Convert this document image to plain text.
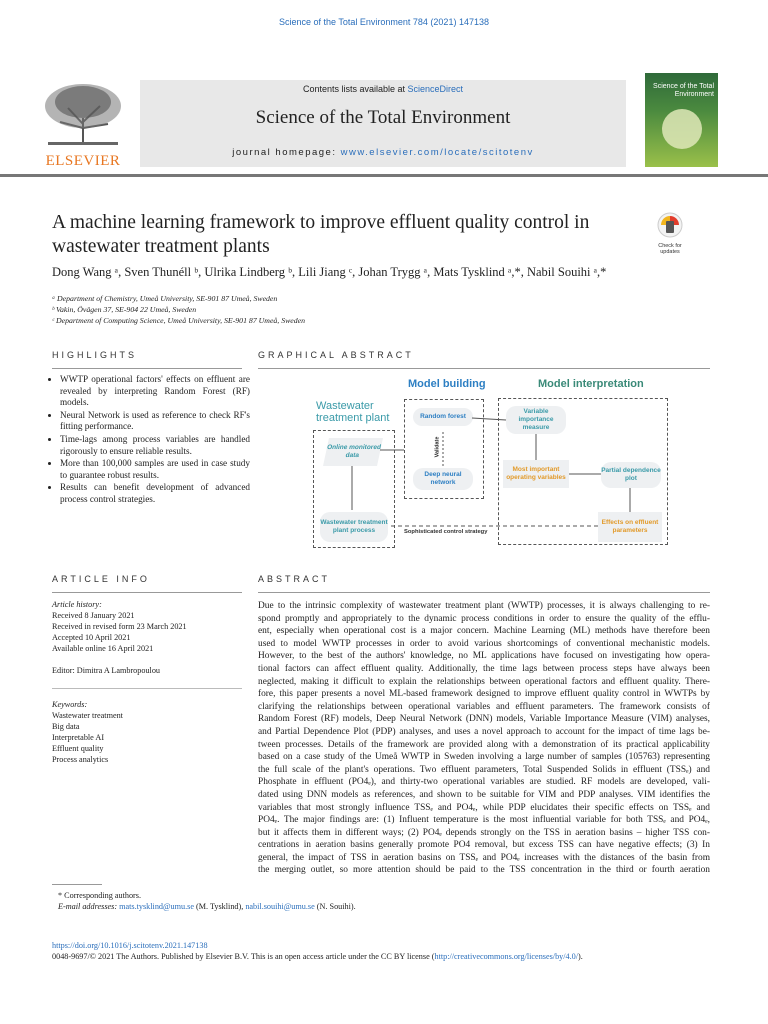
Science of the Total Environment 784 (2021) 147138
ELSEVIER
Contents lists available at ScienceDirect
Science of the Total Environment
journal homepage: www.elsevier.com/locate/scitotenv
Science of the Total Environment
A machine learning framework to improve effluent quality control in
wastewater treatment plants	Check for updates
Dong Wang ᵃ, Sven Thunéll ᵇ, Ulrika Lindberg ᵇ, Lili Jiang ᶜ, Johan Trygg ᵃ, Mats Tysklind ᵃ,*, Nabil Souihi ᵃ,*
ᵃ Department of Chemistry, Umeå University, SE-901 87 Umeå, Sweden
ᵇ Vakin, Övägen 37, SE-904 22 Umeå, Sweden
ᶜ Department of Computing Science, Umeå University, SE-901 87 Umeå, Sweden
HIGHLIGHTS
• WWTP operational factors' effects on effluent are revealed by interpreting Random Forest (RF) models.
• Neural Network is used as reference to check RF's fitting performance.
• Time-lags among process variables are handled rigorously to ensure reliable results.
• More than 100,000 samples are used in case study to guarantee robust results.
• Results can benefit development of advanced process control strategies.
GRAPHICAL ABSTRACT
Model building	Model interpretation
Wastewater treatment plant
Online monitored data
Wastewater treatment plant process
Random forest
Deep neural network
Validate
Variable importance measure
Most important operating variables
Partial dependence plot
Effects on effluent parameters
Sophisticated control strategy
ARTICLE INFO
Article history:
Received 8 January 2021
Received in revised form 23 March 2021
Accepted 10 April 2021
Available online 16 April 2021
Editor: Dimitra A Lambropoulou
Keywords:
Wastewater treatment
Big data
Interpretable AI
Effluent quality
Process analytics
ABSTRACT
Due to the intrinsic complexity of wastewater treatment plant (WWTP) processes, it is always challenging to re-
spond promptly and appropriately to the dynamic process conditions in order to ensure the quality of the efflu-
ent, especially when operational cost is a major concern. Machine Learning (ML) methods have therefore been
used to model WWTP processes in order to avoid various shortcomings of conventional mechanistic models.
However, to the best of the authors' knowledge, no ML applications have focused on investigating how opera-
tional factors can affect effluent quality. Additionally, the time lags between process steps have always been
neglected, making it difficult to explain the relationships between operational factors and effluent quality. There-
fore, this paper presents a novel ML-based framework designed to improve effluent quality control in WWTPs by
clarifying the relationships between operational variables and effluent parameters. The framework consists of
Random Forest (RF) models, Deep Neural Network (DNN) models, Variable Importance Measure (VIM) analyses,
and Partial Dependence Plot (PDP) analyses, and uses a novel approach to account for the impact of time lags be-
tween processes. Details of the framework are provided along with a demonstration of its practical applicability
based on a case study of the Umeå WWTP in Sweden involving a large number of samples (105763) representing
the full scale of the plant's operations. Two effluent parameters, Total Suspended Solids in effluent (TSSₑ) and
Phosphate in effluent (PO4ₑ), and thirty-two operational variables are studied. RF models are developed, vali-
dated using DNN models as references, and shown to be suitable for VIM and PDP analyses. VIM identifies the
variables that most strongly influence TSSₑ and PO4ₑ, while PDP elucidates their specific effects on TSSₑ and
PO4ₑ. The major findings are: (1) Influent temperature is the most influential variable for both TSSₑ and PO4ₑ,
but it affects them in different ways; (2) PO4ₑ depends strongly on the TSS in aeration basins – higher TSS con-
centrations in aeration basins generally promote PO4 removal, but excess TSS can have negative effects; (3) In
general, the impact of TSS in aeration basins on TSSₑ and PO4ₑ increases with the distances of the basin from
the merging outlet, so more attention should be paid to the TSS concentration in the third or fourth aeration
* Corresponding authors.
E-mail addresses: mats.tysklind@umu.se (M. Tysklind), nabil.souihi@umu.se (N. Souihi).
https://doi.org/10.1016/j.scitotenv.2021.147138
0048-9697/© 2021 The Authors. Published by Elsevier B.V. This is an open access article under the CC BY license (http://creativecommons.org/licenses/by/4.0/).
